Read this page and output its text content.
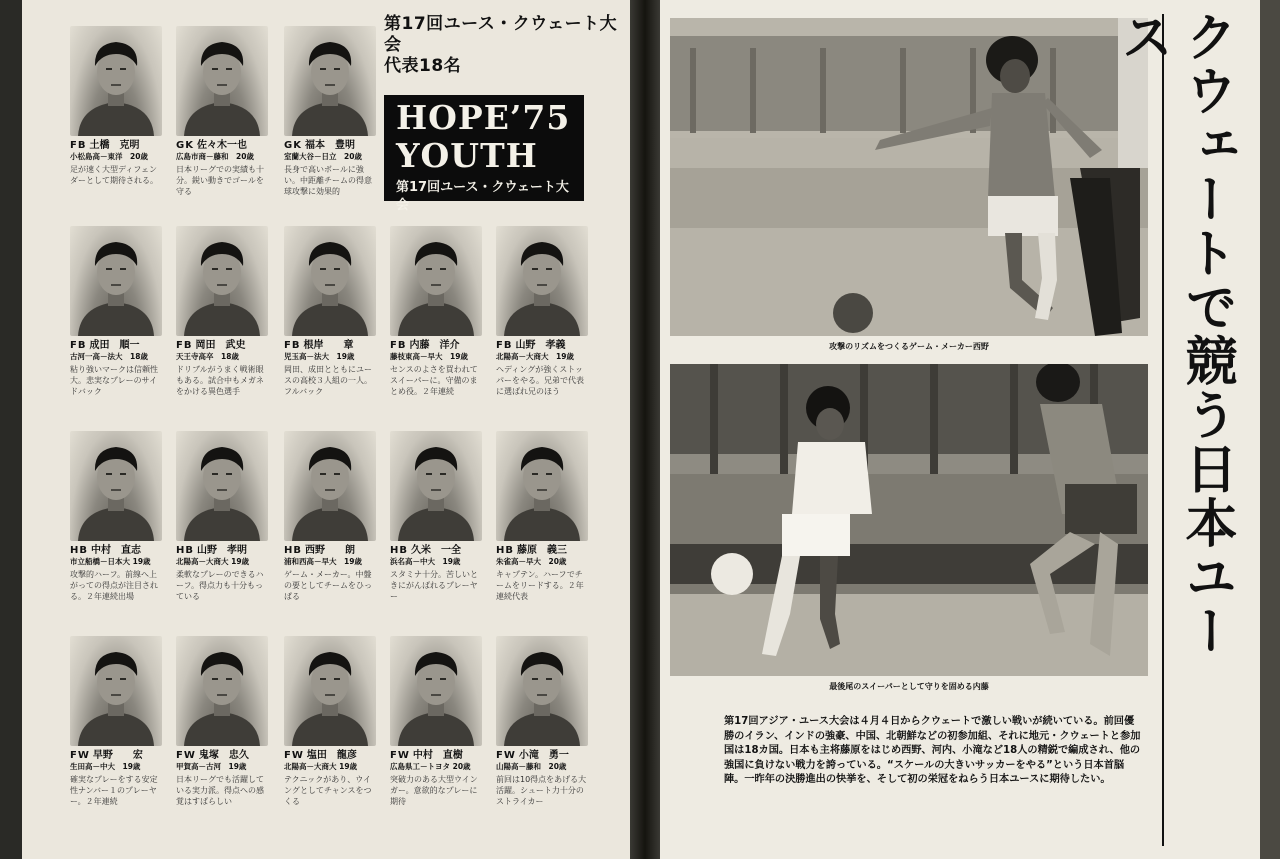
第17回ユース・クウェート大会
代表18名
HOPE’75
YOUTH
第17回ユース・クウェート大会
FB 土橋　克明
小松島高－東洋　20歳
足が速く大型ディフェンダーとして期待される。
GK 佐々木一也
広島市商－藤和　20歳
日本リーグでの実績も十分。鋭い動きでゴールを守る
GK 福本　豊明
室蘭大谷－日立　20歳
長身で高いボールに強い。中距離チームの得意球攻撃に効果的
FB 成田　順一
古河一高－法大　18歳
粘り強いマークは信頼性大。悲実なプレーのサイドバック
FB 岡田　武史
天王寺高卒　18歳
ドリブルがうまく戦術眼もある。試合中もメガネをかける異色選手
FB 根岸　　章
児玉高－法大　19歳
岡田、成田とともにユースの高校３人組の一人。フルバック
FB 内藤　洋介
藤枝東高－早大　19歳
センスのよさを買われてスイーパーに。守備のまとめ役。２年連続
FB 山野　孝義
北陽高－大商大　19歳
ヘディングが強くストッパーをやる。兄弟で代表に選ばれ兄のほう
HB 中村　直志
市立船橋－日本大 19歳
攻撃的ハーフ。前線へ上がっての得点が注目される。２年連続出場
HB 山野　孝明
北陽高－大商大 19歳
柔軟なプレーのできるハーフ。得点力も十分もっている
HB 西野　　朗
浦和西高－早大　19歳
ゲーム・メーカー。中盤の要としてチームをひっぱる
HB 久米　一全
浜名高－中大　19歳
スタミナ十分。苦しいときにがんばれるプレーヤー
HB 藤原　義三
朱雀高－早大　20歳
キャプテン。ハーフでチームをリードする。２年連続代表
FW 早野　　宏
生田高－中大　19歳
確実なプレーをする安定性ナンバー１のプレーヤー。２年連続
FW 鬼塚　忠久
甲賀高－古河　19歳
日本リーグでも活躍している実力派。得点への感覚はすばらしい
FW 塩田　龍彦
北陽高－大商大 19歳
テクニックがあり、ウイングとしてチャンスをつくる
FW 中村　直樹
広島県工－トヨタ 20歳
突破力のある大型ウインガー。意欲的なプレーに期待
FW 小滝　勇一
山陽高－藤和　20歳
前回は10得点をあげる大活躍。シュート力十分のストライカー
攻撃のリズムをつくるゲーム・メーカー西野
最後尾のスイーパーとして守りを固める内藤
第17回アジア・ユース大会は４月４日からクウェートで激しい戦いが続いている。前回優勝のイラン、インドの強豪、中国、北朝鮮などの初参加組、それに地元・クウェートと参加国は18カ国。日本も主将藤原をはじめ西野、河内、小滝など18人の精鋭で編成され、他の強国に負けない戦力を誇っている。“スケールの大きいサッカーをやる”という日本首脳陣。一昨年の決勝進出の快挙を、そして初の栄冠をねらう日本ユースに期待したい。
クウェートで競う日本ユース
